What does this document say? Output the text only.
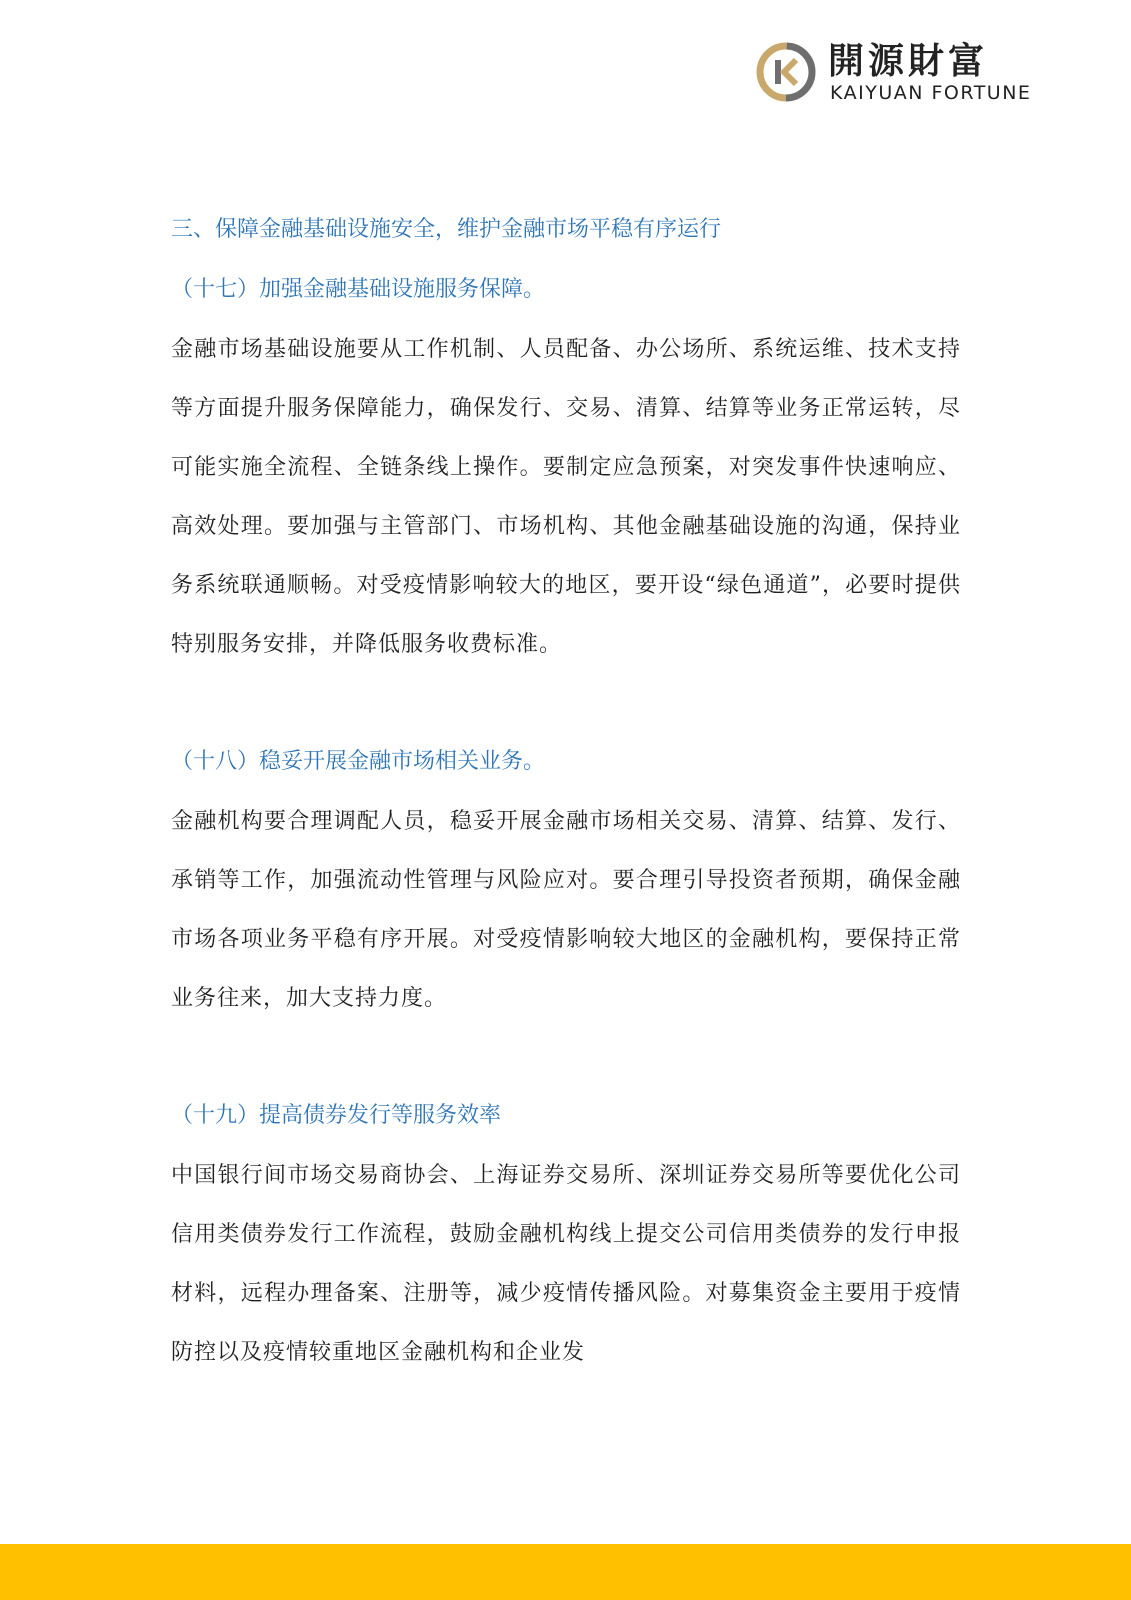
開源財富
KAIYUAN FORTUNE
三、保障金融基础设施安全，维护金融市场平稳有序运行
（十七）加强金融基础设施服务保障。

金融市场基础设施要从工作机制、人员配备、办公场所、系统运维、技术支持等方面提升服务保障能力，确保发行、交易、清算、结算等业务正常运转，尽可能实施全流程、全链条线上操作。要制定应急预案，对突发事件快速响应、高效处理。要加强与主管部门、市场机构、其他金融基础设施的沟通，保持业务系统联通顺畅。对受疫情影响较大的地区，要开设“绿色通道”，必要时提供特别服务安排，并降低服务收费标准。

（十八）稳妥开展金融市场相关业务。

金融机构要合理调配人员，稳妥开展金融市场相关交易、清算、结算、发行、承销等工作，加强流动性管理与风险应对。要合理引导投资者预期，确保金融市场各项业务平稳有序开展。对受疫情影响较大地区的金融机构，要保持正常业务往来，加大支持力度。

（十九）提高债券发行等服务效率

中国银行间市场交易商协会、上海证券交易所、深圳证券交易所等要优化公司信用类债券发行工作流程，鼓励金融机构线上提交公司信用类债券的发行申报材料，远程办理备案、注册等，减少疫情传播风险。对募集资金主要用于疫情防控以及疫情较重地区金融机构和企业发
